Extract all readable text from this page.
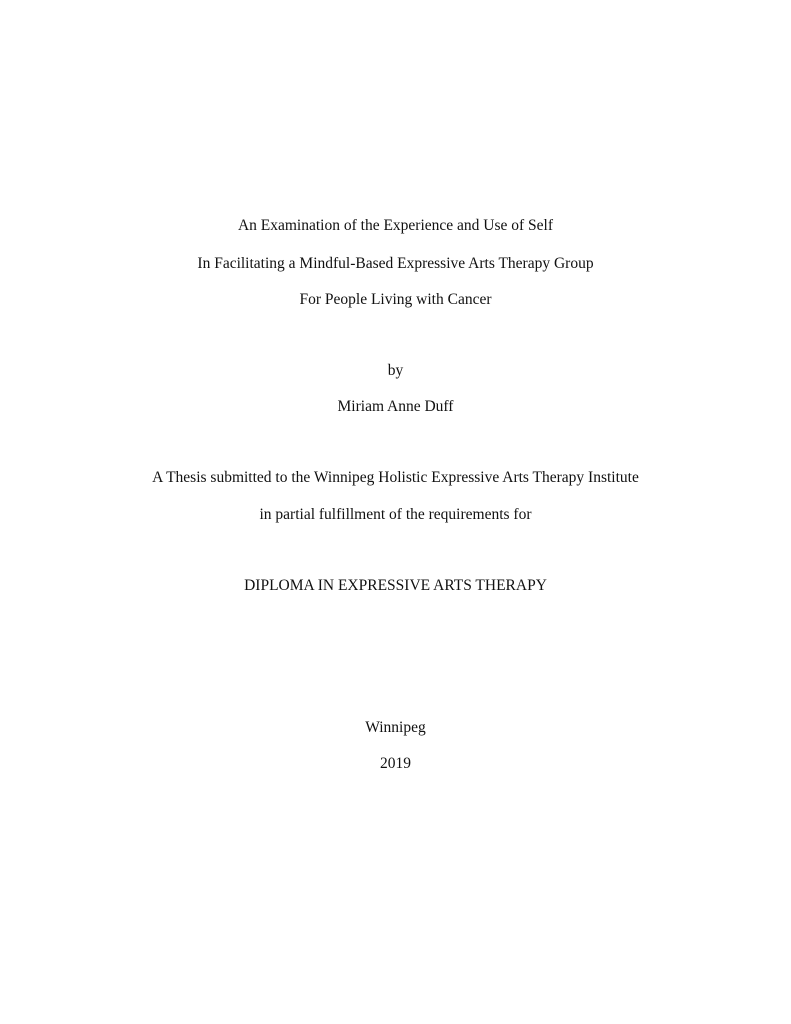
An Examination of the Experience and Use of Self
In Facilitating a Mindful-Based Expressive Arts Therapy Group
For People Living with Cancer
by
Miriam Anne Duff
A Thesis submitted to the Winnipeg Holistic Expressive Arts Therapy Institute
in partial fulfillment of the requirements for
DIPLOMA IN EXPRESSIVE ARTS THERAPY
Winnipeg
2019
